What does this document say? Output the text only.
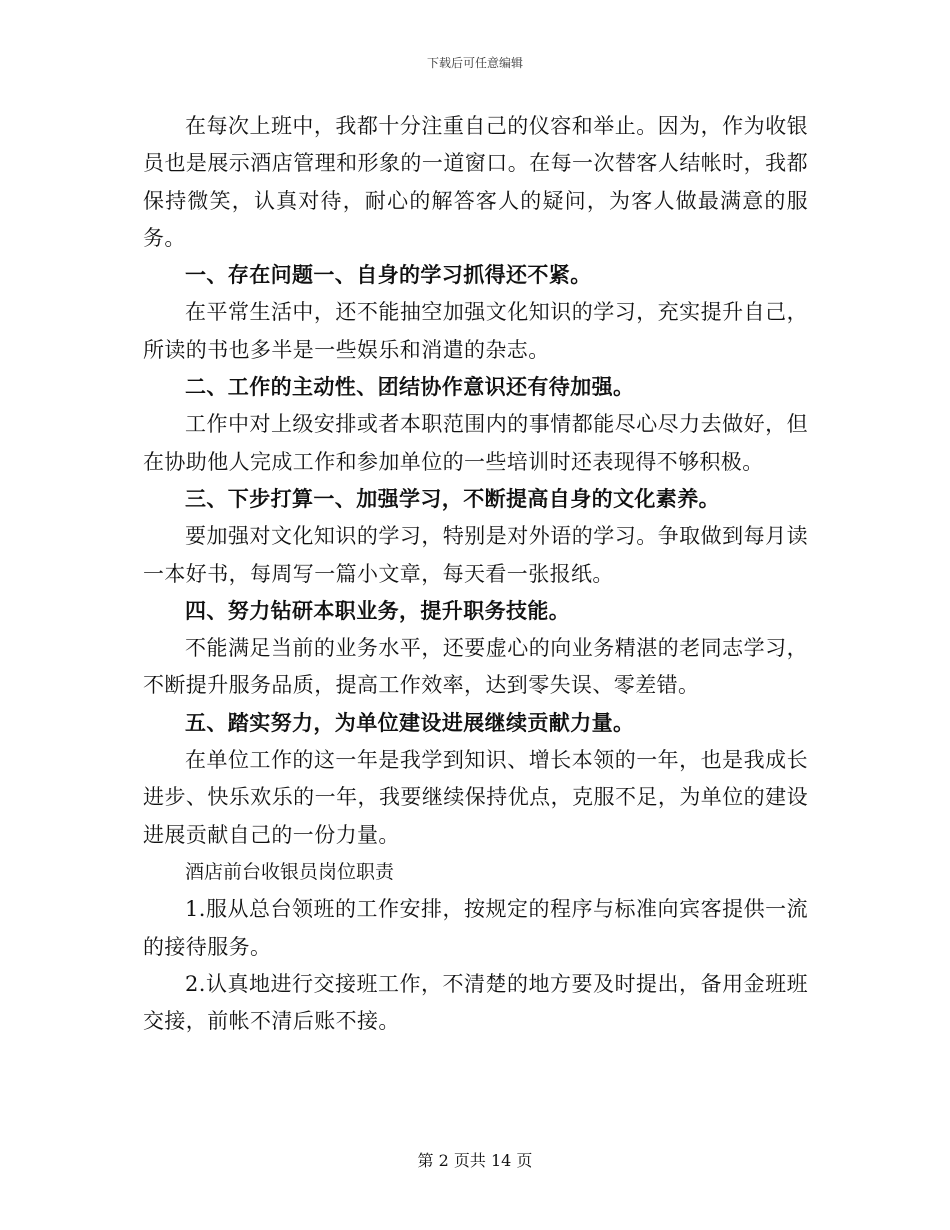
下载后可任意编辑

在每次上班中，我都十分注重自己的仪容和举止。因为，作为收银员也是展示酒店管理和形象的一道窗口。在每一次替客人结帐时，我都保持微笑，认真对待，耐心的解答客人的疑问，为客人做最满意的服务。

一、存在问题一、自身的学习抓得还不紧。

在平常生活中，还不能抽空加强文化知识的学习，充实提升自己，所读的书也多半是一些娱乐和消遣的杂志。

二、工作的主动性、团结协作意识还有待加强。

工作中对上级安排或者本职范围内的事情都能尽心尽力去做好，但在协助他人完成工作和参加单位的一些培训时还表现得不够积极。

三、下步打算一、加强学习，不断提高自身的文化素养。

要加强对文化知识的学习，特别是对外语的学习。争取做到每月读一本好书，每周写一篇小文章，每天看一张报纸。

四、努力钻研本职业务，提升职务技能。

不能满足当前的业务水平，还要虚心的向业务精湛的老同志学习，不断提升服务品质，提高工作效率，达到零失误、零差错。

五、踏实努力，为单位建设进展继续贡献力量。

在单位工作的这一年是我学到知识、增长本领的一年，也是我成长进步、快乐欢乐的一年，我要继续保持优点，克服不足，为单位的建设进展贡献自己的一份力量。

酒店前台收银员岗位职责

1.服从总台领班的工作安排，按规定的程序与标准向宾客提供一流的接待服务。

2.认真地进行交接班工作，不清楚的地方要及时提出，备用金班班交接，前帐不清后账不接。

第 2 页共 14 页
